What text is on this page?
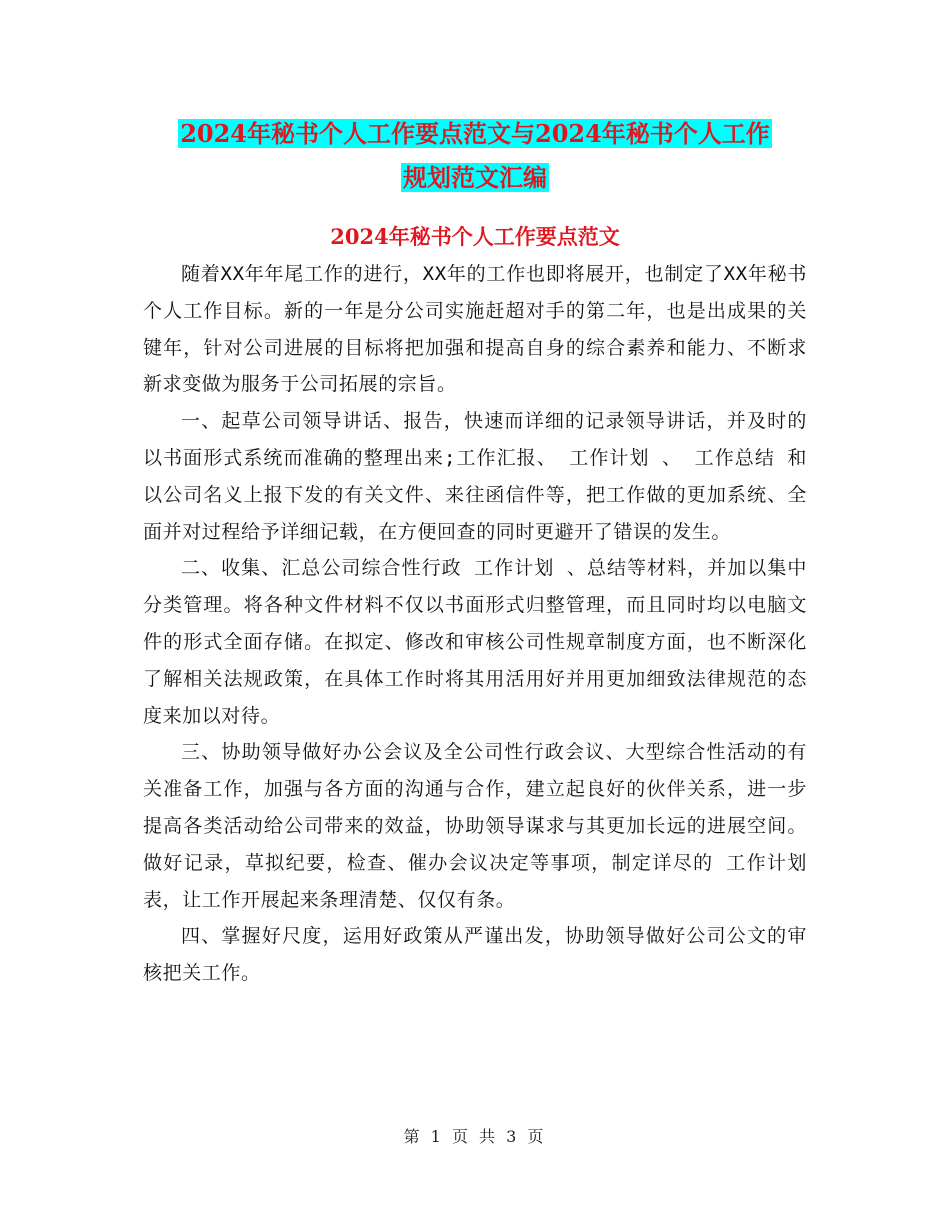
2024年秘书个人工作要点范文与2024年秘书个人工作
规划范文汇编
2024年秘书个人工作要点范文

随着XX年年尾工作的进行，XX年的工作也即将展开，也制定了XX年秘书个人工作目标。新的一年是分公司实施赶超对手的第二年，也是出成果的关键年，针对公司进展的目标将把加强和提高自身的综合素养和能力、不断求新求变做为服务于公司拓展的宗旨。

一、起草公司领导讲话、报告，快速而详细的记录领导讲话，并及时的以书面形式系统而准确的整理出来;工作汇报、 工作计划 、 工作总结 和以公司名义上报下发的有关文件、来往函信件等，把工作做的更加系统、全面并对过程给予详细记载，在方便回查的同时更避开了错误的发生。

二、收集、汇总公司综合性行政 工作计划 、总结等材料，并加以集中分类管理。将各种文件材料不仅以书面形式归整管理，而且同时均以电脑文件的形式全面存储。在拟定、修改和审核公司性规章制度方面，也不断深化了解相关法规政策，在具体工作时将其用活用好并用更加细致法律规范的态度来加以对待。

三、协助领导做好办公会议及全公司性行政会议、大型综合性活动的有关准备工作，加强与各方面的沟通与合作，建立起良好的伙伴关系，进一步提高各类活动给公司带来的效益，协助领导谋求与其更加长远的进展空间。做好记录，草拟纪要，检查、催办会议决定等事项，制定详尽的 工作计划 表，让工作开展起来条理清楚、仅仅有条。

四、掌握好尺度，运用好政策从严谨出发，协助领导做好公司公文的审核把关工作。

第 1 页 共 3 页
